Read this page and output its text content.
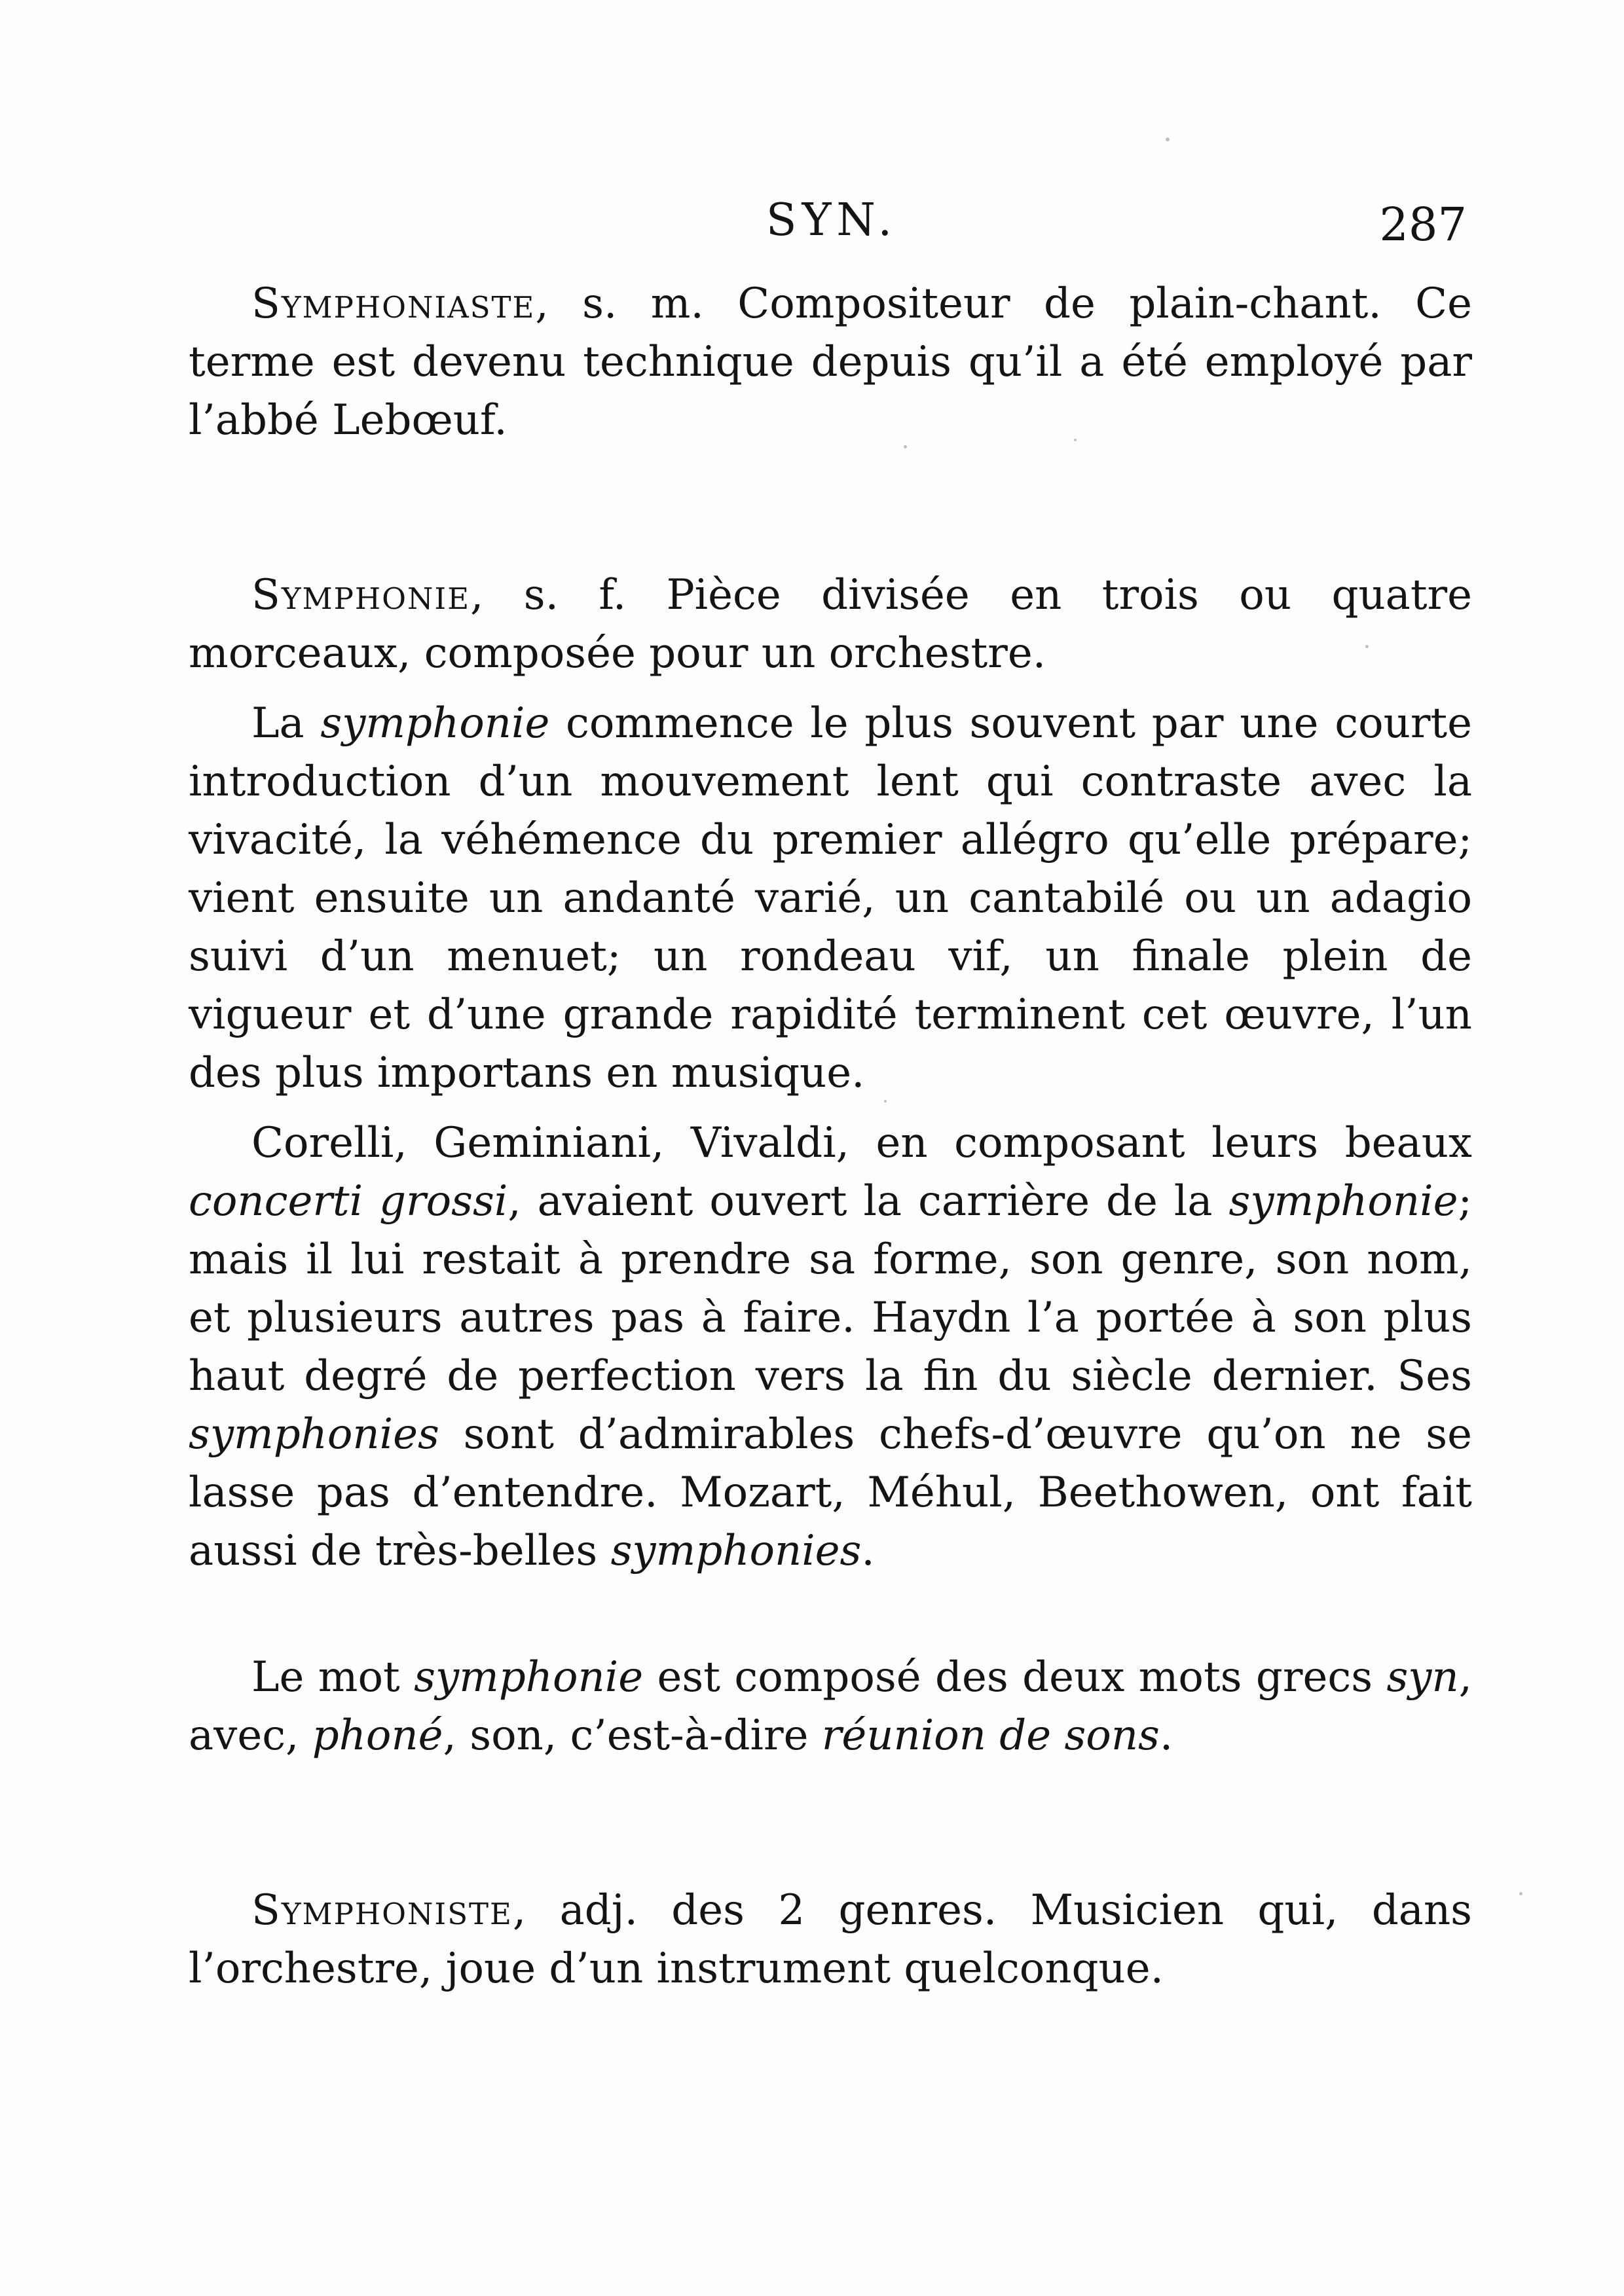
SYN.	287

Symphoniaste, s. m. Compositeur de plain-chant. Ce terme est devenu technique depuis qu’il a été employé par l’abbé Lebœuf.

Symphonie, s. f. Pièce divisée en trois ou quatre morceaux, composée pour un orchestre.

La symphonie commence le plus souvent par une courte introduction d’un mouvement lent qui contraste avec la vivacité, la véhémence du premier allégro qu’elle prépare; vient ensuite un andanté varié, un cantabilé ou un adagio suivi d’un menuet; un rondeau vif, un finale plein de vigueur et d’une grande rapidité terminent cet œuvre, l’un des plus importans en musique.

Corelli, Geminiani, Vivaldi, en composant leurs beaux concerti grossi, avaient ouvert la carrière de la symphonie; mais il lui restait à prendre sa forme, son genre, son nom, et plusieurs autres pas à faire. Haydn l’a portée à son plus haut degré de perfection vers la fin du siècle dernier. Ses symphonies sont d’admirables chefs-d’œuvre qu’on ne se lasse pas d’entendre. Mozart, Méhul, Beethowen, ont fait aussi de très-belles symphonies.

Le mot symphonie est composé des deux mots grecs syn, avec, phoné, son, c’est-à-dire réunion de sons.

Symphoniste, adj. des 2 genres. Musicien qui, dans l’orchestre, joue d’un instrument quelconque.
